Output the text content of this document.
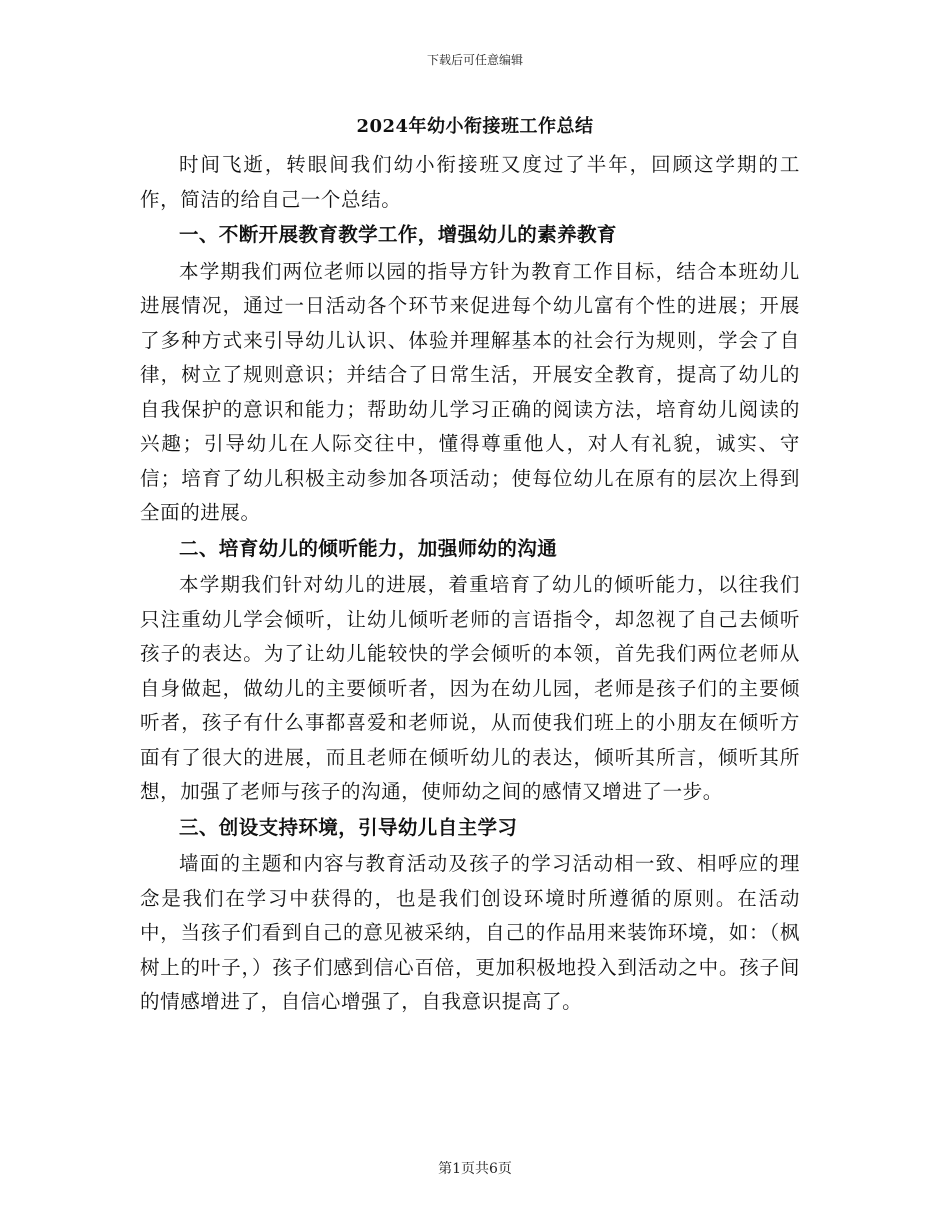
下载后可任意编辑
2024年幼小衔接班工作总结

时间飞逝，转眼间我们幼小衔接班又度过了半年，回顾这学期的工作，简洁的给自己一个总结。

一、不断开展教育教学工作，增强幼儿的素养教育

本学期我们两位老师以园的指导方针为教育工作目标，结合本班幼儿进展情况，通过一日活动各个环节来促进每个幼儿富有个性的进展；开展了多种方式来引导幼儿认识、体验并理解基本的社会行为规则，学会了自律，树立了规则意识；并结合了日常生活，开展安全教育，提高了幼儿的自我保护的意识和能力；帮助幼儿学习正确的阅读方法，培育幼儿阅读的兴趣；引导幼儿在人际交往中，懂得尊重他人，对人有礼貌，诚实、守信；培育了幼儿积极主动参加各项活动；使每位幼儿在原有的层次上得到全面的进展。

二、培育幼儿的倾听能力，加强师幼的沟通

本学期我们针对幼儿的进展，着重培育了幼儿的倾听能力，以往我们只注重幼儿学会倾听，让幼儿倾听老师的言语指令，却忽视了自己去倾听孩子的表达。为了让幼儿能较快的学会倾听的本领，首先我们两位老师从自身做起，做幼儿的主要倾听者，因为在幼儿园，老师是孩子们的主要倾听者，孩子有什么事都喜爱和老师说，从而使我们班上的小朋友在倾听方面有了很大的进展，而且老师在倾听幼儿的表达，倾听其所言，倾听其所想，加强了老师与孩子的沟通，使师幼之间的感情又增进了一步。

三、创设支持环境，引导幼儿自主学习

墙面的主题和内容与教育活动及孩子的学习活动相一致、相呼应的理念是我们在学习中获得的，也是我们创设环境时所遵循的原则。在活动中，当孩子们看到自己的意见被采纳，自己的作品用来装饰环境，如：（枫树上的叶子，）孩子们感到信心百倍，更加积极地投入到活动之中。孩子间的情感增进了，自信心增强了，自我意识提高了。

第1页共6页
